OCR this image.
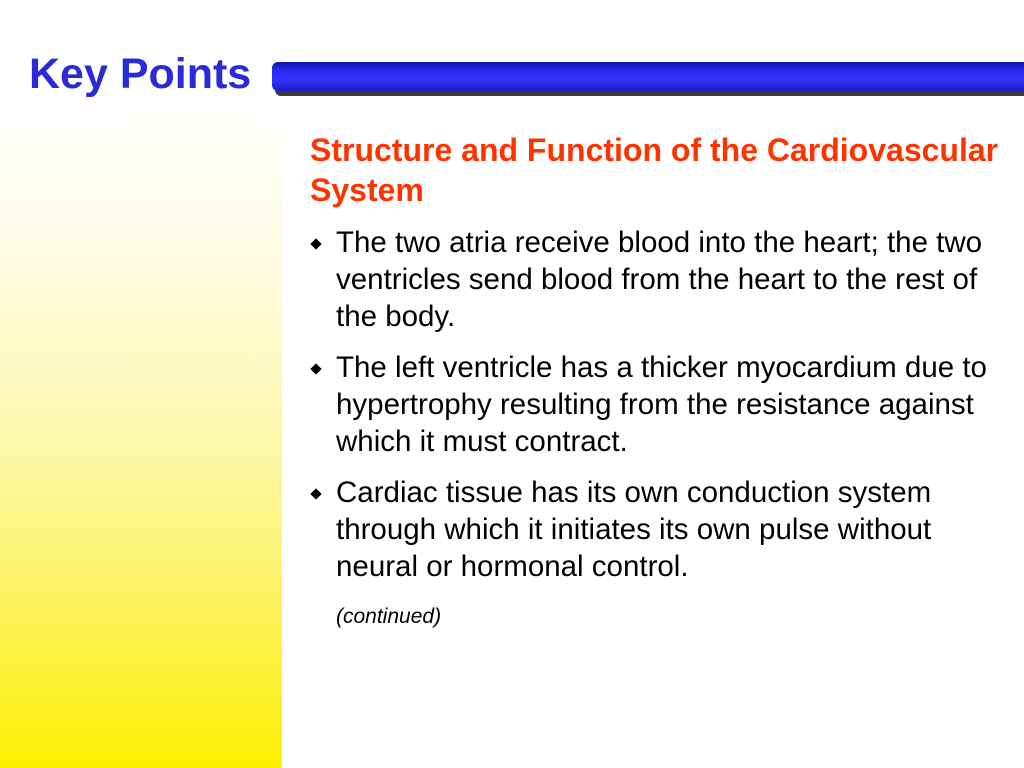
Key Points
Structure and Function of the Cardiovascular System
The two atria receive blood into the heart; the two ventricles send blood from the heart to the rest of the body.
The left ventricle has a thicker myocardium due to hypertrophy resulting from the resistance against which it must contract.
Cardiac tissue has its own conduction system through which it initiates its own pulse without neural or hormonal control.

(continued)
